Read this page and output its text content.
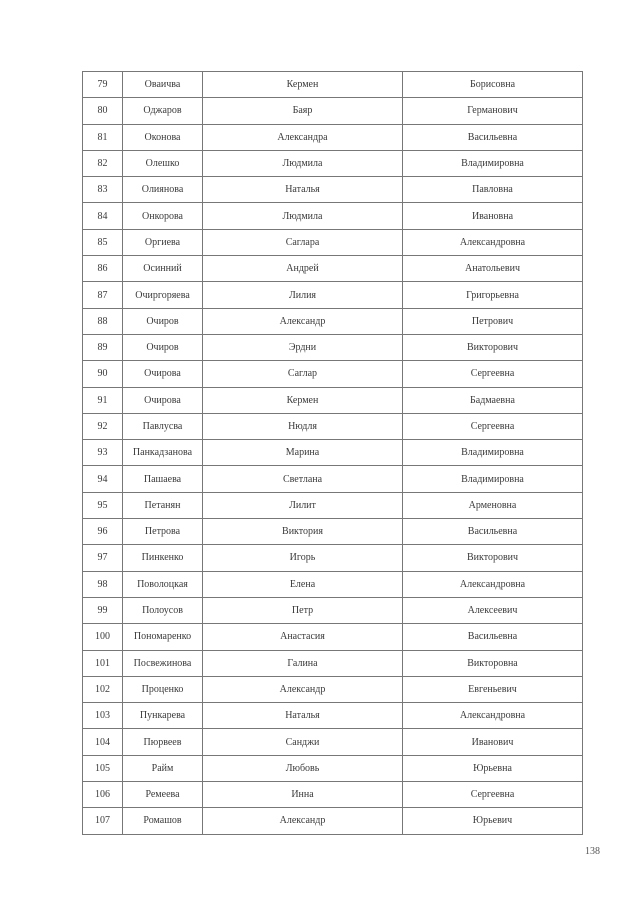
79	Оваичва	Кермен	Борисовна
80	Оджаров	Баяр	Германович
81	Оконова	Александра	Васильевна
82	Олешко	Людмила	Владимировна
83	Олиянова	Наталья	Павловна
84	Онкорова	Людмила	Ивановна
85	Оргиева	Саглара	Александровна
86	Осинний	Андрей	Анатольевич
87	Очиргоряева	Лилия	Григорьевна
88	Очиров	Александр	Петрович
89	Очиров	Эрдни	Викторович
90	Очирова	Саглар	Сергеевна
91	Очирова	Кермен	Бадмаевна
92	Павлусва	Нюдля	Сергеевна
93	Панкадзанова	Марина	Владимировна
94	Пашаева	Светлана	Владимировна
95	Петанян	Лилит	Арменовна
96	Петрова	Виктория	Васильевна
97	Пинкенко	Игорь	Викторович
98	Поволоцкая	Елена	Александровна
99	Полоусов	Петр	Алексеевич
100	Пономаренко	Анастасия	Васильевна
101	Посвежинова	Галина	Викторовна
102	Проценко	Александр	Евгеньевич
103	Пункарева	Наталья	Александровна
104	Пюрвеев	Санджи	Иванович
105	Райм	Любовь	Юрьевна
106	Ремеева	Инна	Сергеевна
107	Ромашов	Александр	Юрьевич
138
